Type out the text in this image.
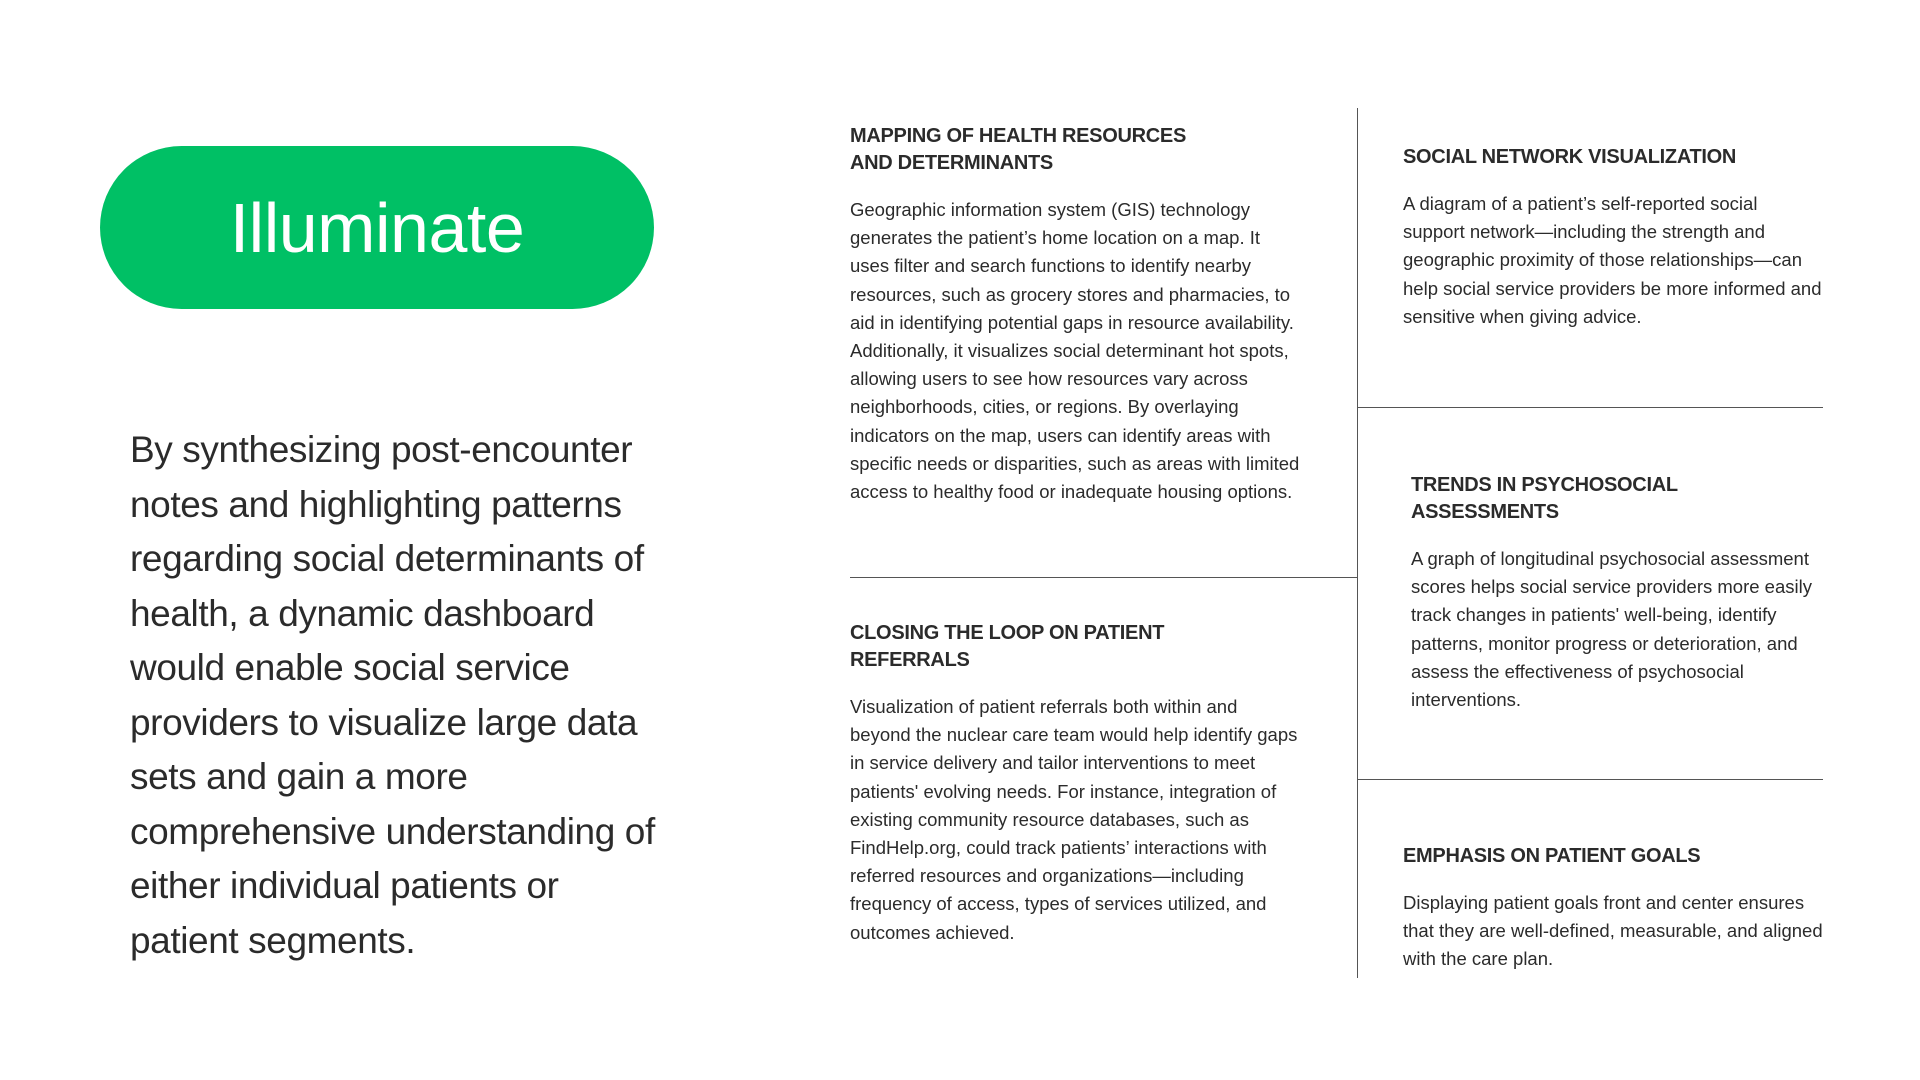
Illuminate
By synthesizing post-encounter notes and highlighting patterns regarding social determinants of health, a dynamic dashboard would enable social service providers to visualize large data sets and gain a more comprehensive understanding of either individual patients or patient segments.
MAPPING OF HEALTH RESOURCES AND DETERMINANTS

Geographic information system (GIS) technology generates the patient’s home location on a map. It uses filter and search functions to identify nearby resources, such as grocery stores and pharmacies, to aid in identifying potential gaps in resource availability. Additionally, it visualizes social determinant hot spots, allowing users to see how resources vary across neighborhoods, cities, or regions. By overlaying indicators on the map, users can identify areas with specific needs or disparities, such as areas with limited access to healthy food or inadequate housing options.

CLOSING THE LOOP ON PATIENT REFERRALS

Visualization of patient referrals both within and beyond the nuclear care team would help identify gaps in service delivery and tailor interventions to meet patients' evolving needs. For instance, integration of existing community resource databases, such as FindHelp.org, could track patients’ interactions with referred resources and organizations—including frequency of access, types of services utilized, and outcomes achieved.

SOCIAL NETWORK VISUALIZATION

A diagram of a patient’s self-reported social support network—including the strength and geographic proximity of those relationships—can help social service providers be more informed and sensitive when giving advice.

TRENDS IN PSYCHOSOCIAL ASSESSMENTS

A graph of longitudinal psychosocial assessment scores helps social service providers more easily track changes in patients' well-being, identify patterns, monitor progress or deterioration, and assess the effectiveness of psychosocial interventions.

EMPHASIS ON PATIENT GOALS

Displaying patient goals front and center ensures that they are well-defined, measurable, and aligned with the care plan.
